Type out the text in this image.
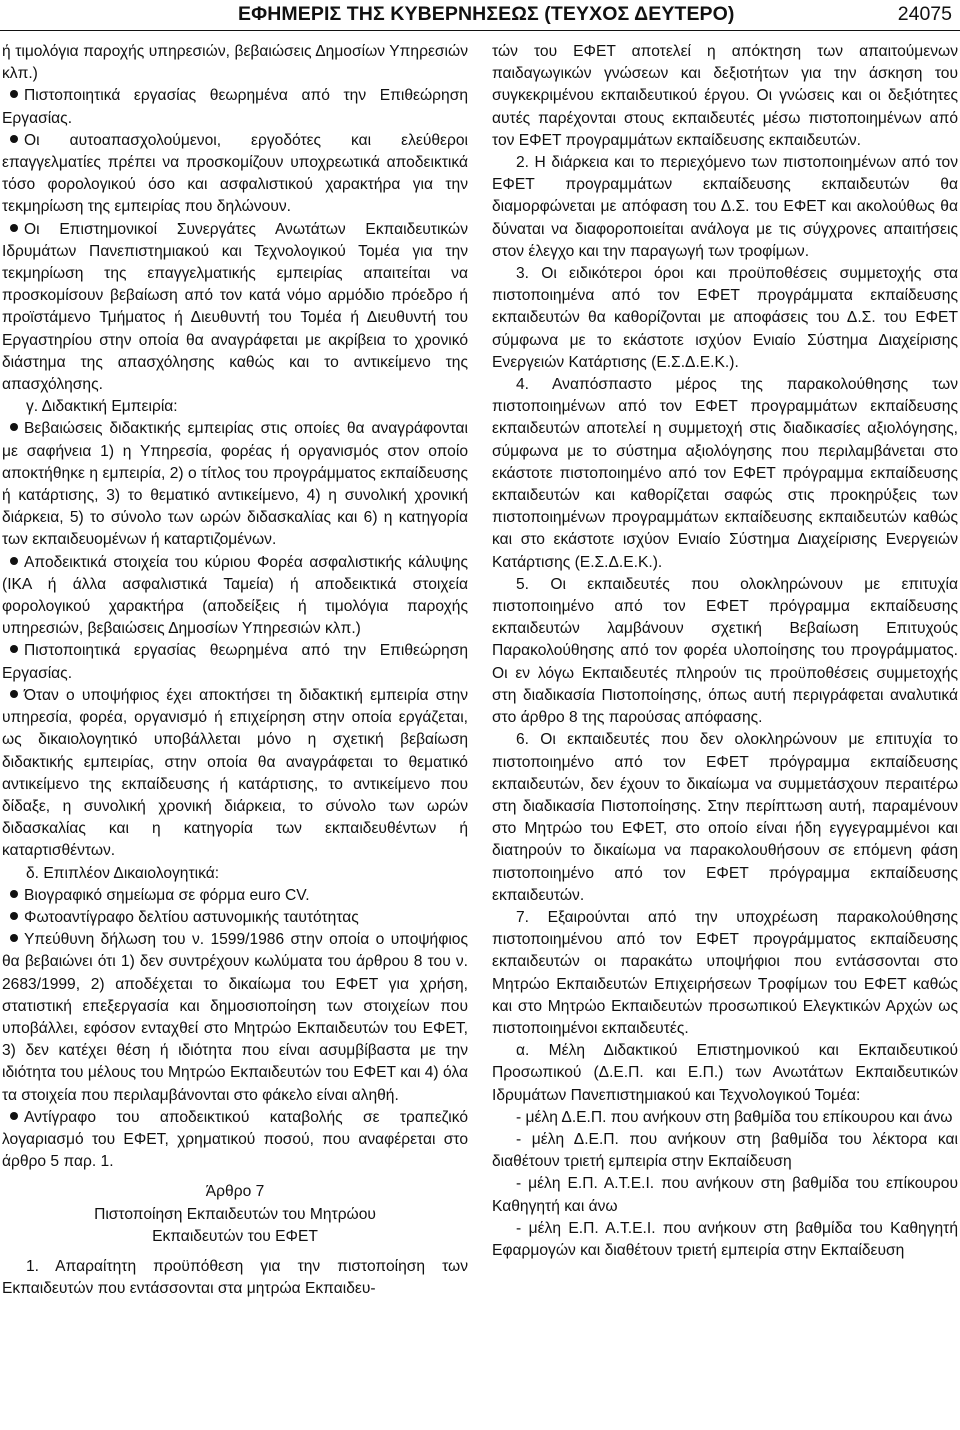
ΕΦΗΜΕΡΙΣ ΤΗΣ ΚΥΒΕΡΝΗΣΕΩΣ (ΤΕΥΧΟΣ ΔΕΥΤΕΡΟ)	24075

ή τιμολόγια παροχής υπηρεσιών, βεβαιώσεις Δημοσίων Υπηρεσιών κλπ.)

Πιστοποιητικά εργασίας θεωρημένα από την Επιθεώρηση Εργασίας.

Οι αυτοαπασχολούμενοι, εργοδότες και ελεύθεροι επαγγελματίες πρέπει να προσκομίζουν υποχρεωτικά αποδεικτικά τόσο φορολογικού όσο και ασφαλιστικού χαρακτήρα για την τεκμηρίωση της εμπειρίας που δηλώνουν.

Οι Επιστημονικοί Συνεργάτες Ανωτάτων Εκπαιδευτικών Ιδρυμάτων Πανεπιστημιακού και Τεχνολογικού Τομέα για την τεκμηρίωση της επαγγελματικής εμπειρίας απαιτείται να προσκομίσουν βεβαίωση από τον κατά νόμο αρμόδιο πρόεδρο ή προϊστάμενο Τμήματος ή Διευθυντή του Τομέα ή Διευθυντή του Εργαστηρίου στην οποία θα αναγράφεται με ακρίβεια το χρονικό διάστημα της απασχόλησης καθώς και το αντικείμενο της απασχόλησης.

γ. Διδακτική Εμπειρία:

Βεβαιώσεις διδακτικής εμπειρίας στις οποίες θα αναγράφονται με σαφήνεια 1) η Υπηρεσία, φορέας ή οργανισμός στον οποίο αποκτήθηκε η εμπειρία, 2) ο τίτλος του προγράμματος εκπαίδευσης ή κατάρτισης, 3) το θεματικό αντικείμενο, 4) η συνολική χρονική διάρκεια, 5) το σύνολο των ωρών διδασκαλίας και 6) η κατηγορία των εκπαιδευομένων ή καταρτιζομένων.

Αποδεικτικά στοιχεία του κύριου Φορέα ασφαλιστικής κάλυψης (ΙΚΑ ή άλλα ασφαλιστικά Ταμεία) ή αποδεικτικά στοιχεία φορολογικού χαρακτήρα (αποδείξεις ή τιμολόγια παροχής υπηρεσιών, βεβαιώσεις Δημοσίων Υπηρεσιών κλπ.)

Πιστοποιητικά εργασίας θεωρημένα από την Επιθεώρηση Εργασίας.

Όταν ο υποψήφιος έχει αποκτήσει τη διδακτική εμπειρία στην υπηρεσία, φορέα, οργανισμό ή επιχείρηση στην οποία εργάζεται, ως δικαιολογητικό υποβάλλεται μόνο η σχετική βεβαίωση διδακτικής εμπειρίας, στην οποία θα αναγράφεται το θεματικό αντικείμενο της εκπαίδευσης ή κατάρτισης, το αντικείμενο που δίδαξε, η συνολική χρονική διάρκεια, το σύνολο των ωρών διδασκαλίας και η κατηγορία των εκπαιδευθέντων ή καταρτισθέντων.

δ. Επιπλέον Δικαιολογητικά:

Βιογραφικό σημείωμα σε φόρμα euro CV.

Φωτοαντίγραφο δελτίου αστυνομικής ταυτότητας

Υπεύθυνη δήλωση του ν. 1599/1986 στην οποία ο υποψήφιος θα βεβαιώνει ότι 1) δεν συντρέχουν κωλύματα του άρθρου 8 του ν. 2683/1999, 2) αποδέχεται το δικαίωμα του ΕΦΕΤ για χρήση, στατιστική επεξεργασία και δημοσιοποίηση των στοιχείων που υποβάλλει, εφόσον ενταχθεί στο Μητρώο Εκπαιδευτών του ΕΦΕΤ, 3) δεν κατέχει θέση ή ιδιότητα που είναι ασυμβίβαστα με την ιδιότητα του μέλους του Μητρώο Εκπαιδευτών του ΕΦΕΤ και 4) όλα τα στοιχεία που περιλαμβάνονται στο φάκελο είναι αληθή.

Αντίγραφο του αποδεικτικού καταβολής σε τραπεζικό λογαριασμό του ΕΦΕΤ, χρηματικού ποσού, που αναφέρεται στο άρθρο 5 παρ. 1.

Άρθρο 7

Πιστοποίηση Εκπαιδευτών του Μητρώου Εκπαιδευτών του ΕΦΕΤ

1. Απαραίτητη προϋπόθεση για την πιστοποίηση των Εκπαιδευτών που εντάσσονται στα μητρώα Εκπαιδευ-

τών του ΕΦΕΤ αποτελεί η απόκτηση των απαιτούμενων παιδαγωγικών γνώσεων και δεξιοτήτων για την άσκηση του συγκεκριμένου εκπαιδευτικού έργου. Οι γνώσεις και οι δεξιότητες αυτές παρέχονται στους εκπαιδευτές μέσω πιστοποιημένων από τον ΕΦΕΤ προγραμμάτων εκπαίδευσης εκπαιδευτών.

2. Η διάρκεια και το περιεχόμενο των πιστοποιημένων από τον ΕΦΕΤ προγραμμάτων εκπαίδευσης εκπαιδευτών θα διαμορφώνεται με απόφαση του Δ.Σ. του ΕΦΕΤ και ακολούθως θα δύναται να διαφοροποιείται ανάλογα με τις σύγχρονες απαιτήσεις στον έλεγχο και την παραγωγή των τροφίμων.

3. Οι ειδικότεροι όροι και προϋποθέσεις συμμετοχής στα πιστοποιημένα από τον ΕΦΕΤ προγράμματα εκπαίδευσης εκπαιδευτών θα καθορίζονται με αποφάσεις του Δ.Σ. του ΕΦΕΤ σύμφωνα με το εκάστοτε ισχύον Ενιαίο Σύστημα Διαχείρισης Ενεργειών Κατάρτισης (Ε.Σ.Δ.Ε.Κ.).

4. Αναπόσπαστο μέρος της παρακολούθησης των πιστοποιημένων από τον ΕΦΕΤ προγραμμάτων εκπαίδευσης εκπαιδευτών αποτελεί η συμμετοχή στις διαδικασίες αξιολόγησης, σύμφωνα με το σύστημα αξιολόγησης που περιλαμβάνεται στο εκάστοτε πιστοποιημένο από τον ΕΦΕΤ πρόγραμμα εκπαίδευσης εκπαιδευτών και καθορίζεται σαφώς στις προκηρύξεις των πιστοποιημένων προγραμμάτων εκπαίδευσης εκπαιδευτών καθώς και στο εκάστοτε ισχύον Ενιαίο Σύστημα Διαχείρισης Ενεργειών Κατάρτισης (Ε.Σ.Δ.Ε.Κ.).

5. Οι εκπαιδευτές που ολοκληρώνουν με επιτυχία πιστοποιημένο από τον ΕΦΕΤ πρόγραμμα εκπαίδευσης εκπαιδευτών λαμβάνουν σχετική Βεβαίωση Επιτυχούς Παρακολούθησης από τον φορέα υλοποίησης του προγράμματος. Οι εν λόγω Εκπαιδευτές πληρούν τις προϋποθέσεις συμμετοχής στη διαδικασία Πιστοποίησης, όπως αυτή περιγράφεται αναλυτικά στο άρθρο 8 της παρούσας απόφασης.

6. Οι εκπαιδευτές που δεν ολοκληρώνουν με επιτυχία το πιστοποιημένο από τον ΕΦΕΤ πρόγραμμα εκπαίδευσης εκπαιδευτών, δεν έχουν το δικαίωμα να συμμετάσχουν περαιτέρω στη διαδικασία Πιστοποίησης. Στην περίπτωση αυτή, παραμένουν στο Μητρώο του ΕΦΕΤ, στο οποίο είναι ήδη εγγεγραμμένοι και διατηρούν το δικαίωμα να παρακολουθήσουν σε επόμενη φάση πιστοποιημένο από τον ΕΦΕΤ πρόγραμμα εκπαίδευσης εκπαιδευτών.

7. Εξαιρούνται από την υποχρέωση παρακολούθησης πιστοποιημένου από τον ΕΦΕΤ προγράμματος εκπαίδευσης εκπαιδευτών οι παρακάτω υποψήφιοι που εντάσσονται στο Μητρώο Εκπαιδευτών Επιχειρήσεων Τροφίμων του ΕΦΕΤ καθώς και στο Μητρώο Εκπαιδευτών προσωπικού Ελεγκτικών Αρχών ως πιστοποιημένοι εκπαιδευτές.

α. Μέλη Διδακτικού Επιστημονικού και Εκπαιδευτικού Προσωπικού (Δ.Ε.Π. και Ε.Π.) των Ανωτάτων Εκπαιδευτικών Ιδρυμάτων Πανεπιστημιακού και Τεχνολογικού Τομέα:

- μέλη Δ.Ε.Π. που ανήκουν στη βαθμίδα του επίκουρου και άνω

- μέλη Δ.Ε.Π. που ανήκουν στη βαθμίδα του λέκτορα και διαθέτουν τριετή εμπειρία στην Εκπαίδευση

- μέλη Ε.Π. Α.Τ.Ε.Ι. που ανήκουν στη βαθμίδα του επίκουρου Καθηγητή και άνω

- μέλη Ε.Π. Α.Τ.Ε.Ι. που ανήκουν στη βαθμίδα του Καθηγητή Εφαρμογών και διαθέτουν τριετή εμπειρία στην Εκπαίδευση
